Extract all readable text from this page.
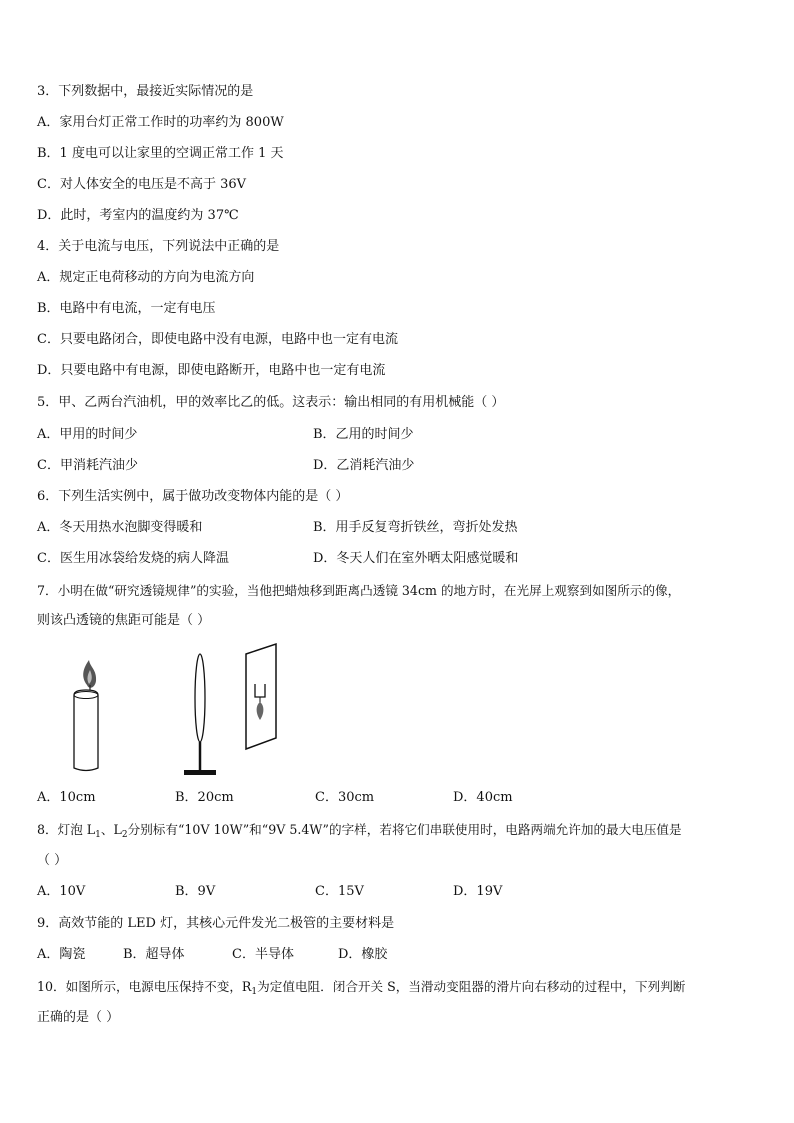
3．下列数据中，最接近实际情况的是
A．家用台灯正常工作时的功率约为 800W
B．1 度电可以让家里的空调正常工作 1 天
C．对人体安全的电压是不高于 36V
D．此时，考室内的温度约为 37℃
4．关于电流与电压，下列说法中正确的是
A．规定正电荷移动的方向为电流方向
B．电路中有电流，一定有电压
C．只要电路闭合，即使电路中没有电源，电路中也一定有电流
D．只要电路中有电源，即使电路断开，电路中也一定有电流
5．甲、乙两台汽油机，甲的效率比乙的低。这表示：输出相同的有用机械能（ ）
A．甲用的时间少	B．乙用的时间少
C．甲消耗汽油少	D．乙消耗汽油少
6．下列生活实例中，属于做功改变物体内能的是（ ）
A．冬天用热水泡脚变得暖和	B．用手反复弯折铁丝，弯折处发热
C．医生用冰袋给发烧的病人降温	D．冬天人们在室外晒太阳感觉暖和
7．小明在做“研究透镜规律”的实验，当他把蜡烛移到距离凸透镜 34cm 的地方时，在光屏上观察到如图所示的像，
则该凸透镜的焦距可能是（ ）
A．10cm	B．20cm	C．30cm	D．40cm
8．灯泡 $L_1$、$L_2$分别标有“10V 10W”和“9V 5.4W”的字样，若将它们串联使用时，电路两端允许加的最大电压值是
（ ）
A．10V	B．9V	C．15V	D．19V
9．高效节能的 LED 灯，其核心元件发光二极管的主要材料是
A．陶瓷	B．超导体	C．半导体	D．橡胶
10．如图所示，电源电压保持不变，$R_1$为定值电阻．闭合开关 S，当滑动变阻器的滑片向右移动的过程中，下列判断
正确的是（ ）
